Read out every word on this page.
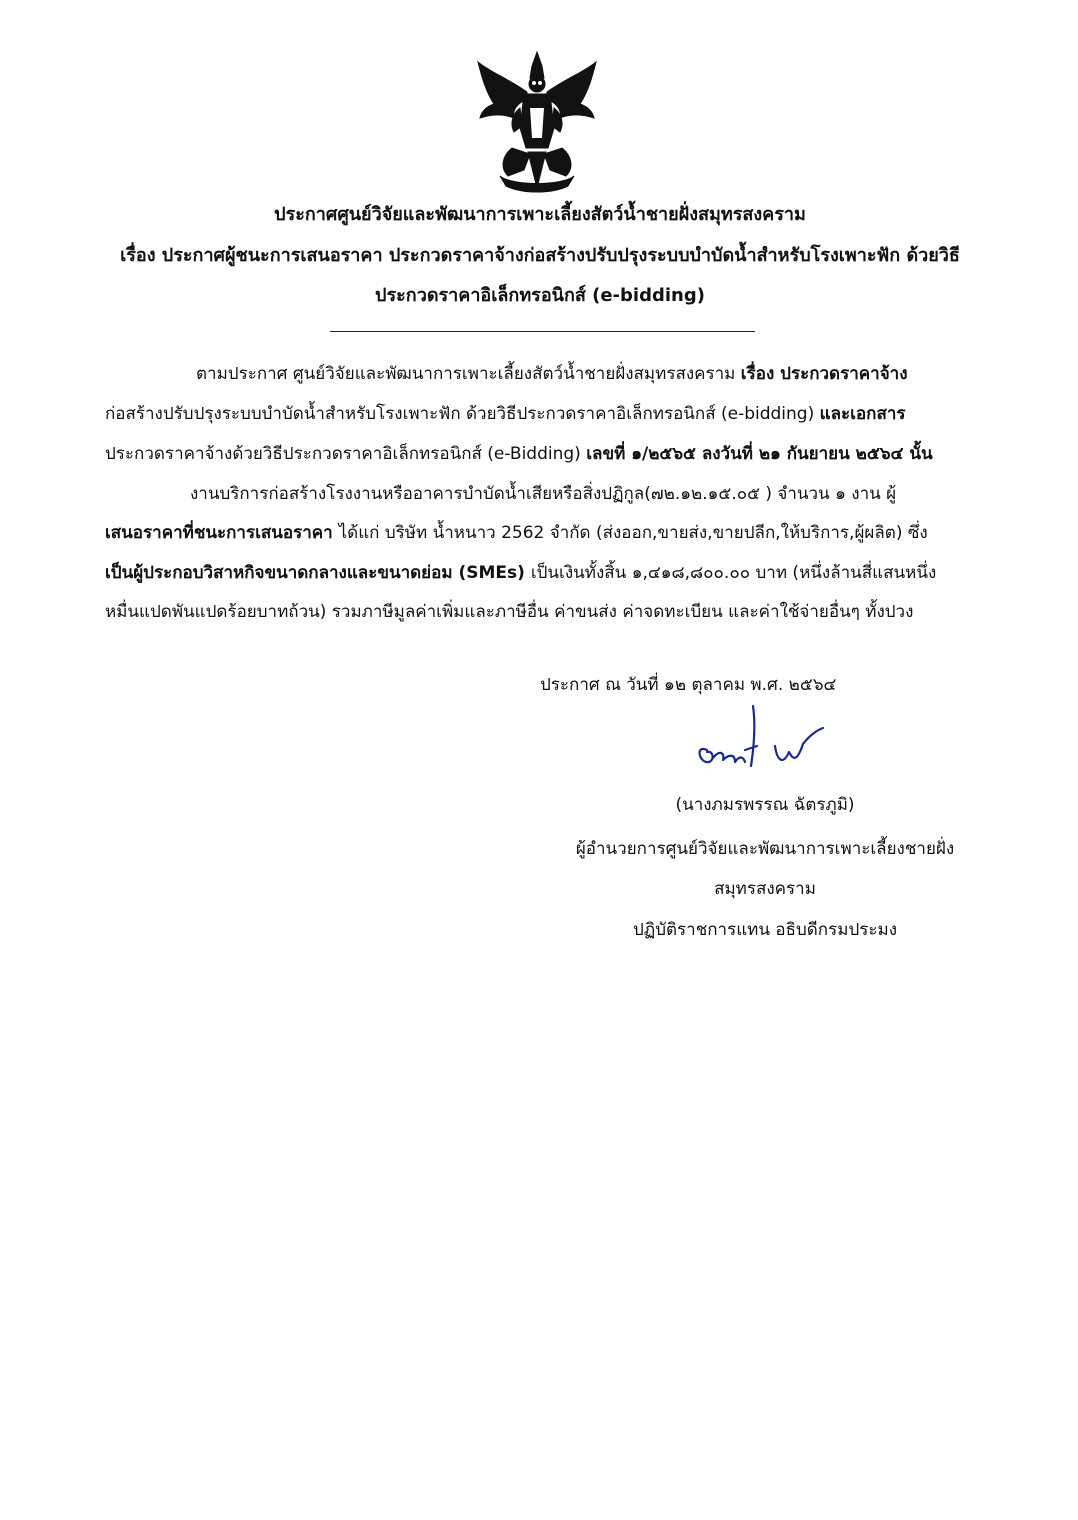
ประกาศศูนย์วิจัยและพัฒนาการเพาะเลี้ยงสัตว์น้ำชายฝั่งสมุทรสงคราม
เรื่อง ประกาศผู้ชนะการเสนอราคา ประกวดราคาจ้างก่อสร้างปรับปรุงระบบบำบัดน้ำสำหรับโรงเพาะฟัก ด้วยวิธี
ประกวดราคาอิเล็กทรอนิกส์ (e-bidding)
ตามประกาศ ศูนย์วิจัยและพัฒนาการเพาะเลี้ยงสัตว์น้ำชายฝั่งสมุทรสงคราม เรื่อง ประกวดราคาจ้าง
ก่อสร้างปรับปรุงระบบบำบัดน้ำสำหรับโรงเพาะฟัก ด้วยวิธีประกวดราคาอิเล็กทรอนิกส์ (e-bidding) และเอกสาร
ประกวดราคาจ้างด้วยวิธีประกวดราคาอิเล็กทรอนิกส์ (e-Bidding) เลขที่ ๑/๒๕๖๕ ลงวันที่ ๒๑ กันยายน ๒๕๖๔ นั้น
งานบริการก่อสร้างโรงงานหรืออาคารบำบัดน้ำเสียหรือสิ่งปฏิกูล(๗๒.๑๒.๑๕.๐๕ ) จำนวน ๑ งาน ผู้
เสนอราคาที่ชนะการเสนอราคา ได้แก่ บริษัท น้ำหนาว 2562 จำกัด (ส่งออก,ขายส่ง,ขายปลีก,ให้บริการ,ผู้ผลิต) ซึ่ง
เป็นผู้ประกอบวิสาหกิจขนาดกลางและขนาดย่อม (SMEs) เป็นเงินทั้งสิ้น ๑,๔๑๘,๘๐๐.๐๐ บาท (หนึ่งล้านสี่แสนหนึ่ง
หมื่นแปดพันแปดร้อยบาทถ้วน) รวมภาษีมูลค่าเพิ่มและภาษีอื่น ค่าขนส่ง ค่าจดทะเบียน และค่าใช้จ่ายอื่นๆ ทั้งปวง
ประกาศ ณ วันที่ ๑๒ ตุลาคม พ.ศ. ๒๕๖๔
(นางภมรพรรณ ฉัตรภูมิ)
ผู้อำนวยการศูนย์วิจัยและพัฒนาการเพาะเลี้ยงชายฝั่ง
สมุทรสงคราม
ปฏิบัติราชการแทน อธิบดีกรมประมง
